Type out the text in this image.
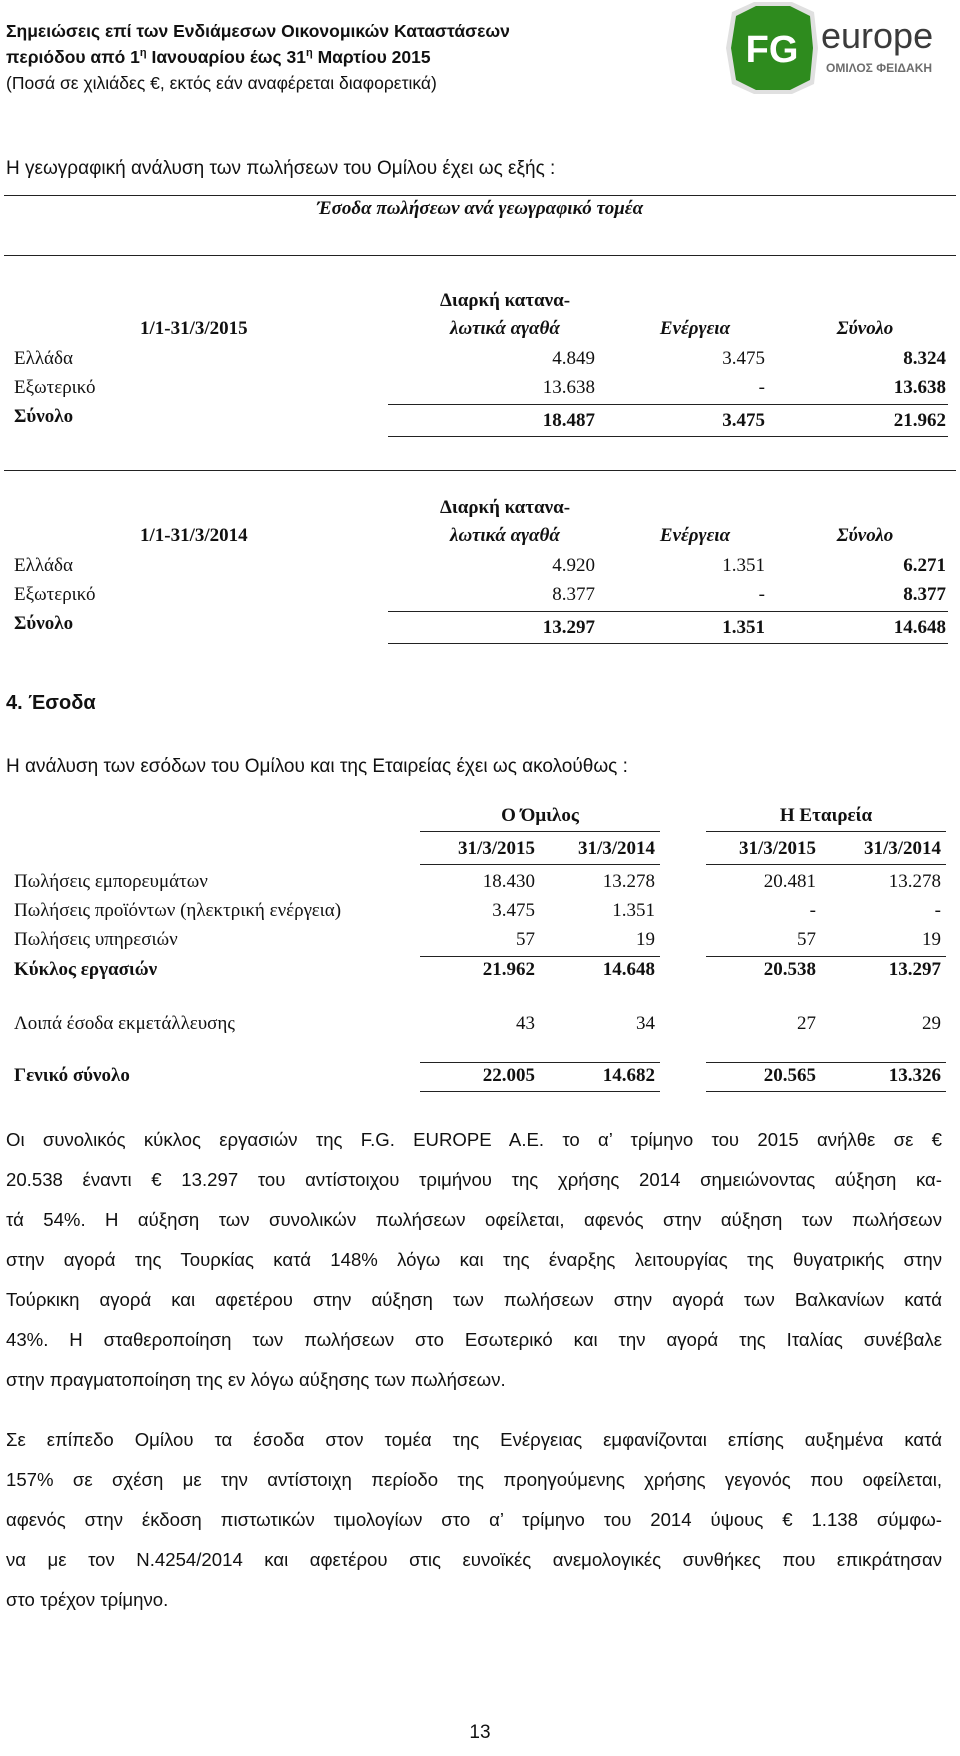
Σημειώσεις επί των Ενδιάμεσων Οικονομικών Καταστάσεων
περιόδου από $1^\eta$ Ιανουαρίου έως $31^\eta$ Μαρτίου 2015
(Ποσά σε χιλιάδες €, εκτός εάν αναφέρεται διαφορετικά)
FG europe
ΟΜΙΛΟΣ ΦΕΙΔΑΚΗ
Η γεωγραφική ανάλυση των πωλήσεων του Ομίλου έχει ως εξής :
Έσοδα πωλήσεων ανά γεωγραφικό τομέα
1/1-31/3/2015
Διαρκή κατανα-
λωτικά αγαθά	Ενέργεια	Σύνολο
Ελλάδα	4.849	3.475	8.324
Εξωτερικό	13.638	-	13.638
Σύνολο	18.487	3.475	21.962
1/1-31/3/2014
Διαρκή κατανα-
λωτικά αγαθά	Ενέργεια	Σύνολο
Ελλάδα	4.920	1.351	6.271
Εξωτερικό	8.377	-	8.377
Σύνολο	13.297	1.351	14.648
4. Έσοδα
Η ανάλυση των εσόδων του Ομίλου και της Εταιρείας έχει ως ακολούθως :
Ο Όμιλος	Η Εταιρεία
31/3/2015	31/3/2014	31/3/2015	31/3/2014
Πωλήσεις εμπορευμάτων	18.430	13.278	20.481	13.278
Πωλήσεις προϊόντων (ηλεκτρική ενέργεια)	3.475	1.351	-	-
Πωλήσεις υπηρεσιών	57	19	57	19
Κύκλος εργασιών	21.962	14.648	20.538	13.297
Λοιπά έσοδα εκμετάλλευσης	43	34	27	29
Γενικό σύνολο	22.005	14.682	20.565	13.326
Οι συνολικός κύκλος εργασιών της F.G. EUROPE A.E. το α’ τρίμηνο του 2015 ανήλθε σε €
20.538 έναντι € 13.297 του αντίστοιχου τριμήνου της χρήσης 2014 σημειώνοντας αύξηση κα-
τά 54%. Η αύξηση των συνολικών πωλήσεων οφείλεται, αφενός στην αύξηση των πωλήσεων
στην αγορά της Τουρκίας κατά 148% λόγω και της έναρξης λειτουργίας της θυγατρικής στην
Τούρκικη αγορά και αφετέρου στην αύξηση των πωλήσεων στην αγορά των Βαλκανίων κατά
43%. Η σταθεροποίηση των πωλήσεων στο Εσωτερικό και την αγορά της Ιταλίας συνέβαλε
στην πραγματοποίηση της εν λόγω αύξησης των πωλήσεων.
Σε επίπεδο Ομίλου τα έσοδα στον τομέα της Ενέργειας εμφανίζονται επίσης αυξημένα κατά
157% σε σχέση με την αντίστοιχη περίοδο της προηγούμενης χρήσης γεγονός που οφείλεται,
αφενός στην έκδοση πιστωτικών τιμολογίων στο α’ τρίμηνο του 2014 ύψους € 1.138 σύμφω-
να με τον Ν.4254/2014 και αφετέρου στις ευνοϊκές ανεμολογικές συνθήκες που επικράτησαν
στο τρέχον τρίμηνο.
13
